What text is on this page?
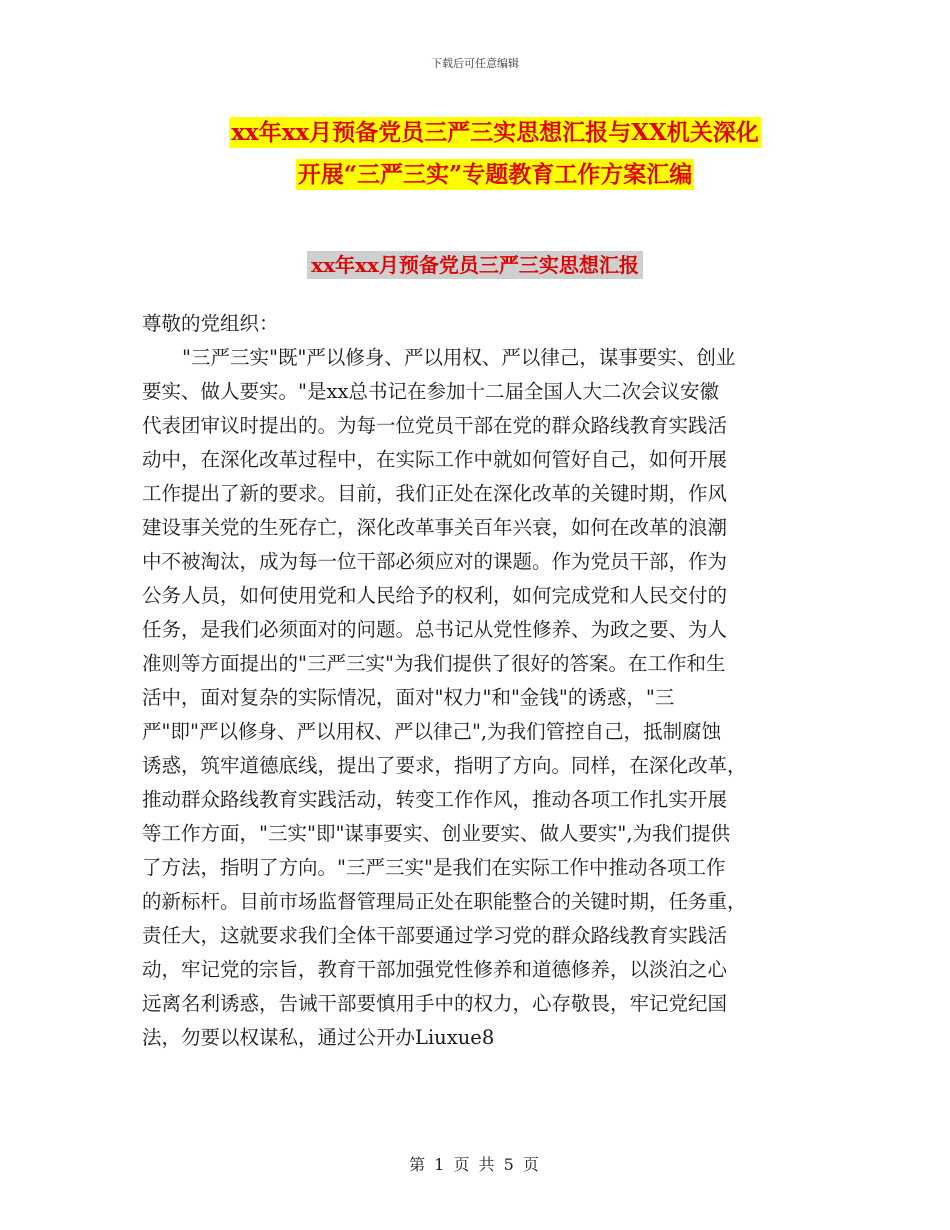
下载后可任意编辑
xx年xx月预备党员三严三实思想汇报与XX机关深化
开展“三严三实”专题教育工作方案汇编
xx年xx月预备党员三严三实思想汇报
尊敬的党组织：
"三严三实"既"严以修身、严以用权、严以律己，谋事要实、创业
要实、做人要实。"是xx总书记在参加十二届全国人大二次会议安徽
代表团审议时提出的。为每一位党员干部在党的群众路线教育实践活
动中，在深化改革过程中，在实际工作中就如何管好自己，如何开展
工作提出了新的要求。目前，我们正处在深化改革的关键时期，作风
建设事关党的生死存亡，深化改革事关百年兴衰，如何在改革的浪潮
中不被淘汰，成为每一位干部必须应对的课题。作为党员干部，作为
公务人员，如何使用党和人民给予的权利，如何完成党和人民交付的
任务，是我们必须面对的问题。总书记从党性修养、为政之要、为人
准则等方面提出的"三严三实"为我们提供了很好的答案。在工作和生
活中，面对复杂的实际情况，面对"权力"和"金钱"的诱惑，"三
严"即"严以修身、严以用权、严以律己",为我们管控自己，抵制腐蚀
诱惑，筑牢道德底线，提出了要求，指明了方向。同样，在深化改革，
推动群众路线教育实践活动，转变工作作风，推动各项工作扎实开展
等工作方面，"三实"即"谋事要实、创业要实、做人要实",为我们提供
了方法，指明了方向。"三严三实"是我们在实际工作中推动各项工作
的新标杆。目前市场监督管理局正处在职能整合的关键时期，任务重，
责任大，这就要求我们全体干部要通过学习党的群众路线教育实践活
动，牢记党的宗旨，教育干部加强党性修养和道德修养，以淡泊之心
远离名利诱惑，告诫干部要慎用手中的权力，心存敬畏，牢记党纪国
法，勿要以权谋私，通过公开办Liuxue8
第 1 页 共 5 页
